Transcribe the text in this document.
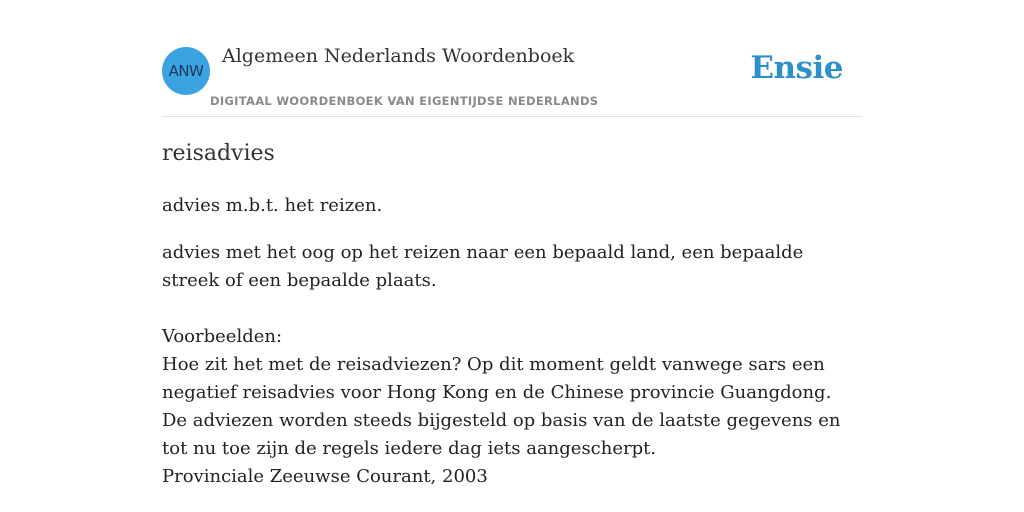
ANW
Algemeen Nederlands Woordenboek
DIGITAAL WOORDENBOEK VAN EIGENTIJDSE NEDERLANDS
Ensie
reisadvies

advies m.b.t. het reizen.

advies met het oog op het reizen naar een bepaald land, een bepaalde streek of een bepaalde plaats.

Voorbeelden:
Hoe zit het met de reisadviezen? Op dit moment geldt vanwege sars een negatief reisadvies voor Hong Kong en de Chinese provincie Guangdong. De adviezen worden steeds bijgesteld op basis van de laatste gegevens en tot nu toe zijn de regels iedere dag iets aangescherpt.
Provinciale Zeeuwse Courant, 2003
